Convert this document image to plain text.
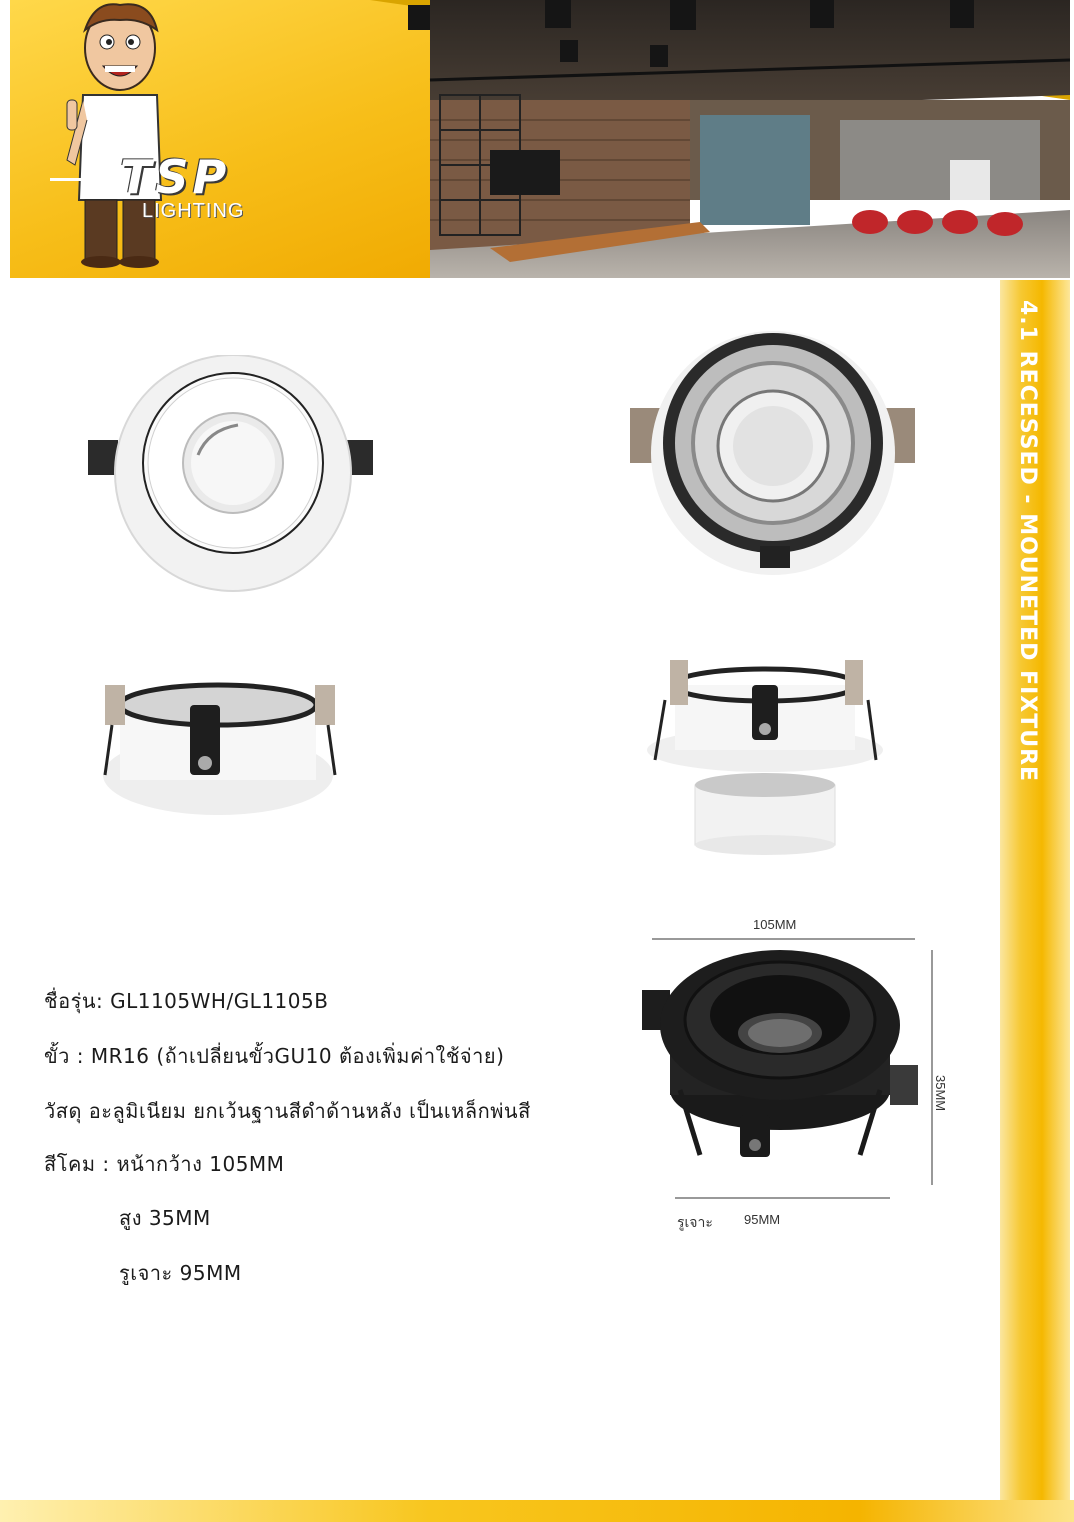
TSP
LIGHTING
4.1 RECESSED - MOUNETED FIXTURE
ชื่อรุ่น: GL1105WH/GL1105B
ขั้ว : MR16 (ถ้าเปลี่ยนขั้วGU10 ต้องเพิ่มค่าใช้จ่าย)
วัสดุ อะลูมิเนียม ยกเว้นฐานสีดำด้านหลัง เป็นเหล็กพ่นสี
สีโคม : หน้ากว้าง 105MM
สูง 35MM
รูเจาะ 95MM
105MM
35MM
รูเจาะ 95MM
